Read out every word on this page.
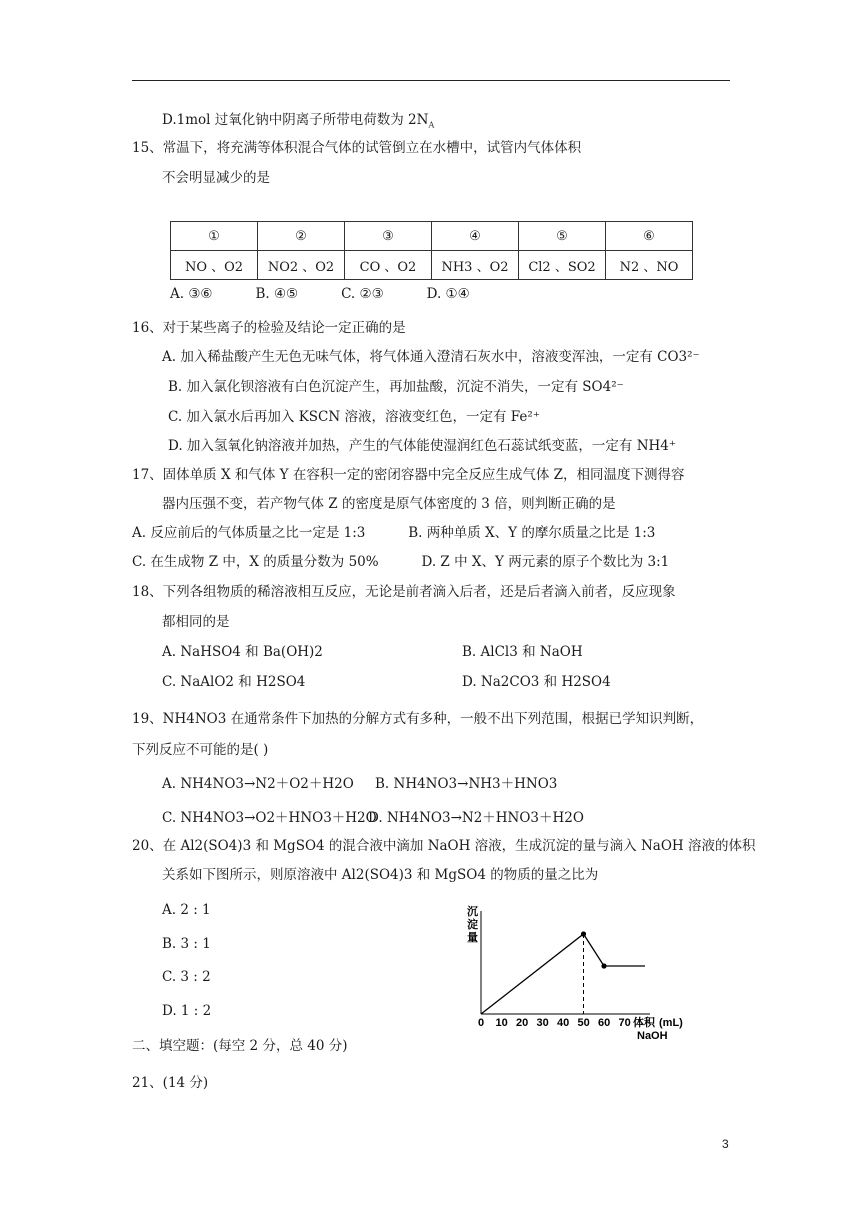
D.1mol 过氧化钠中阴离子所带电荷数为 $2N_A$
15、常温下，将充满等体积混合气体的试管倒立在水槽中，试管内气体体积
不会明显减少的是
①	②	③	④	⑤	⑥
NO 、O2	NO2 、O2	CO 、O2	NH3 、O2	Cl2 、SO2	N2 、NO
A. ③⑥          B. ④⑤          C. ②③          D. ①④
16、对于某些离子的检验及结论一定正确的是
A. 加入稀盐酸产生无色无味气体，将气体通入澄清石灰水中，溶液变浑浊，一定有 CO3²⁻
B. 加入氯化钡溶液有白色沉淀产生，再加盐酸，沉淀不消失，一定有 SO4²⁻
C. 加入氯水后再加入 KSCN 溶液，溶液变红色，一定有 Fe²⁺
D. 加入氢氧化钠溶液并加热，产生的气体能使湿润红色石蕊试纸变蓝，一定有 NH4⁺
17、固体单质 X 和气体 Y 在容积一定的密闭容器中完全反应生成气体 Z，相同温度下测得容
器内压强不变，若产物气体 Z 的密度是原气体密度的 3 倍，则判断正确的是
A. 反应前后的气体质量之比一定是 1:3          B. 两种单质 X、Y 的摩尔质量之比是 1:3
C. 在生成物 Z 中，X 的质量分数为 50%          D. Z 中 X、Y 两元素的原子个数比为 3:1
18、下列各组物质的稀溶液相互反应，无论是前者滴入后者，还是后者滴入前者，反应现象
都相同的是
A. NaHSO4 和 Ba(OH)2	B. AlCl3 和 NaOH
C. NaAlO2 和 H2SO4	D. Na2CO3 和 H2SO4
19、NH4NO3 在通常条件下加热的分解方式有多种，一般不出下列范围，根据已学知识判断，
下列反应不可能的是( )
A. NH4NO3→N2＋O2＋H2O B. NH4NO3→NH3＋HNO3
C. NH4NO3→O2＋HNO3＋H2O
D. NH4NO3→N2＋HNO3＋H2O
20、在 Al2(SO4)3 和 MgSO4 的混合液中滴加 NaOH 溶液，生成沉淀的量与滴入 NaOH 溶液的体积
关系如下图所示，则原溶液中 Al2(SO4)3 和 MgSO4 的物质的量之比为
A. 2 : 1
B. 3 : 1
C. 3 : 2
D. 1 : 2
沉
淀
量
0 10 20 30 40 50 60 70 体积 (mL)
NaOH
二、填空题：(每空 2 分，总 40 分)
21、(14 分)
3
